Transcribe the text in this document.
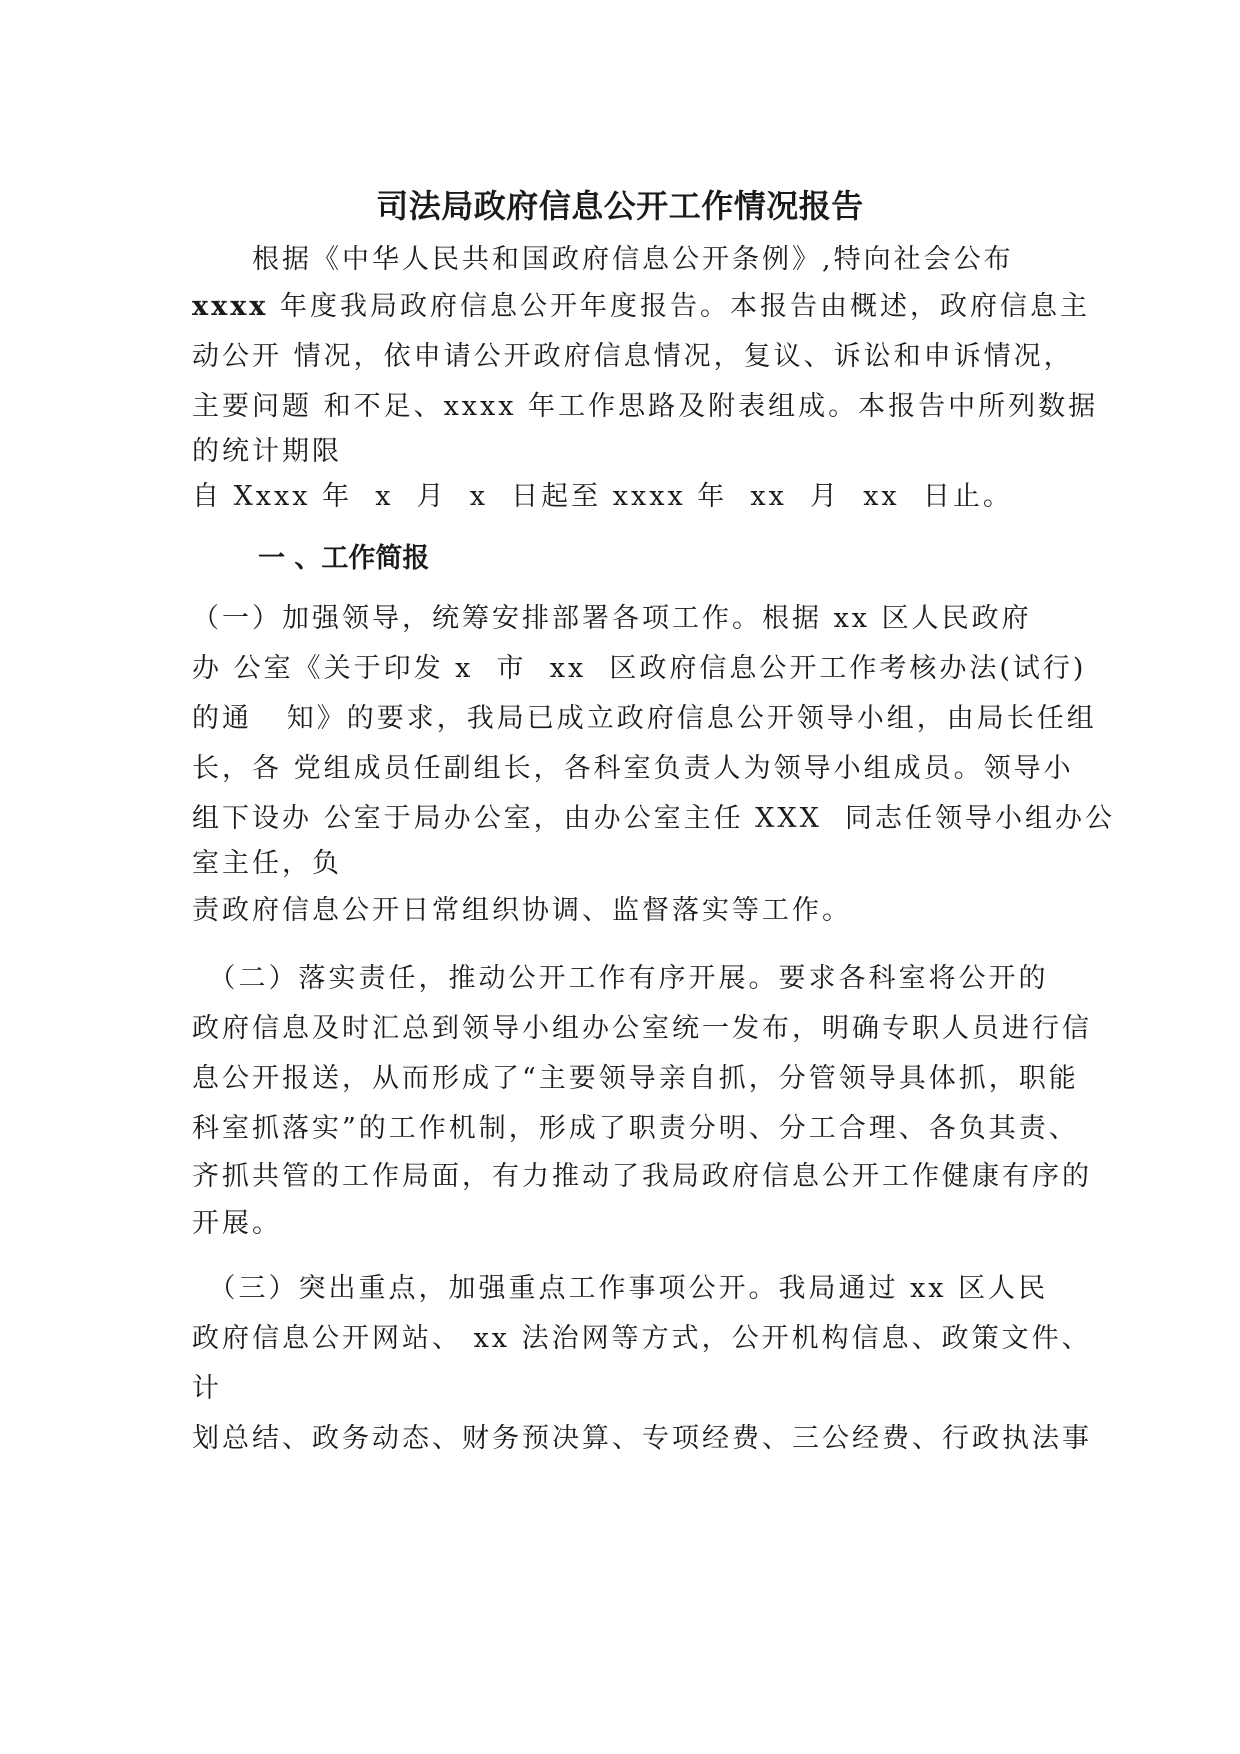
司法局政府信息公开工作情况报告
　　根据《中华人民共和国政府信息公开条例》,特向社会公布
xxxx 年度我局政府信息公开年度报告。本报告由概述，政府信息主
动公开 情况，依申请公开政府信息情况，复议、诉讼和申诉情况，
主要问题 和不足、xxxx 年工作思路及附表组成。本报告中所列数据
的统计期限
自 Xxxx 年  x  月  x  日起至 xxxx 年  xx  月  xx  日止。
一 、工作简报
（一）加强领导，统筹安排部署各项工作。根据 xx 区人民政府
办 公室《关于印发 x  市  xx  区政府信息公开工作考核办法(试行)
的通   知》的要求，我局已成立政府信息公开领导小组，由局长任组
长，各 党组成员任副组长，各科室负责人为领导小组成员。领导小
组下设办 公室于局办公室，由办公室主任 XXX  同志任领导小组办公
室主任，负
责政府信息公开日常组织协调、监督落实等工作。
　（二）落实责任，推动公开工作有序开展。要求各科室将公开的
政府信息及时汇总到领导小组办公室统一发布，明确专职人员进行信
息公开报送，从而形成了“主要领导亲自抓，分管领导具体抓，职能
科室抓落实”的工作机制，形成了职责分明、分工合理、各负其责、
齐抓共管的工作局面，有力推动了我局政府信息公开工作健康有序的
开展。
　（三）突出重点，加强重点工作事项公开。我局通过 xx 区人民
政府信息公开网站、 xx 法治网等方式，公开机构信息、政策文件、
计
划总结、政务动态、财务预决算、专项经费、三公经费、行政执法事
